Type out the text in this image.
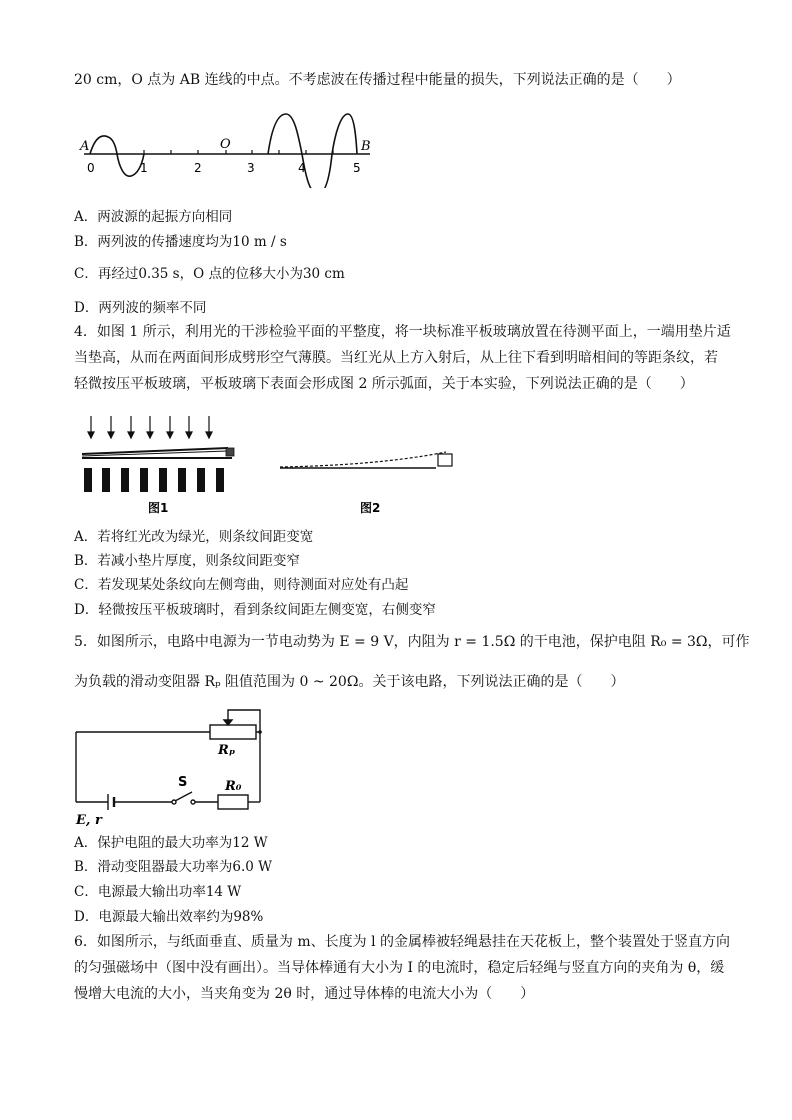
20 cm，O 点为 AB 连线的中点。不考虑波在传播过程中能量的损失，下列说法正确的是（　　）
A	O	B
0	1	2	3	4	5
A．两波源的起振方向相同
B．两列波的传播速度均为10 m / s
C．再经过0.35 s，O 点的位移大小为30 cm
D．两列波的频率不同
4．如图 1 所示，利用光的干涉检验平面的平整度，将一块标准平板玻璃放置在待测平面上，一端用垫片适
当垫高，从而在两面间形成劈形空气薄膜。当红光从上方入射后，从上往下看到明暗相间的等距条纹，若
轻微按压平板玻璃，平板玻璃下表面会形成图 2 所示弧面，关于本实验，下列说法正确的是（　　）
图1	图2
A．若将红光改为绿光，则条纹间距变宽
B．若减小垫片厚度，则条纹间距变窄
C．若发现某处条纹向左侧弯曲，则待测面对应处有凸起
D．轻微按压平板玻璃时，看到条纹间距左侧变宽，右侧变窄
5．如图所示，电路中电源为一节电动势为 E = 9 V，内阻为 r = 1.5Ω 的干电池，保护电阻 R₀ = 3Ω，可作
为负载的滑动变阻器 Rₚ 阻值范围为 0 ~ 20Ω。关于该电路，下列说法正确的是（　　）
Rₚ
S	R₀
E, r
A．保护电阻的最大功率为12 W
B．滑动变阻器最大功率为6.0 W
C．电源最大输出功率14 W
D．电源最大输出效率约为98%
6．如图所示，与纸面垂直、质量为 m、长度为 l 的金属棒被轻绳悬挂在天花板上，整个装置处于竖直方向
的匀强磁场中（图中没有画出）。当导体棒通有大小为 I 的电流时，稳定后轻绳与竖直方向的夹角为 θ，缓
慢增大电流的大小，当夹角变为 2θ 时，通过导体棒的电流大小为（　　）
